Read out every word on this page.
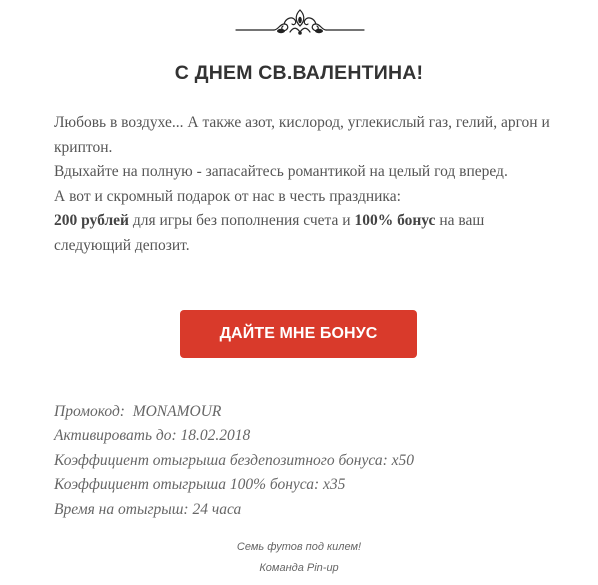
С ДНЕМ СВ.ВАЛЕНТИНА!

Любовь в воздухе... А также азот, кислород, углекислый газ, гелий, аргон и криптон.

Вдыхайте на полную - запасайтесь романтикой на целый год вперед.

А вот и скромный подарок от нас в честь праздника:

200 рублей для игры без пополнения счета и 100% бонус на ваш следующий депозит.

ДАЙТЕ МНЕ БОНУС
Промокод:  MONAMOUR
Активировать до: 18.02.2018
Коэффициент отыгрыша бездепозитного бонуса: x50
Коэффициент отыгрыша 100% бонуса: x35
Время на отыгрыш: 24 часа
Семь футов под килем!
Команда Pin-up
